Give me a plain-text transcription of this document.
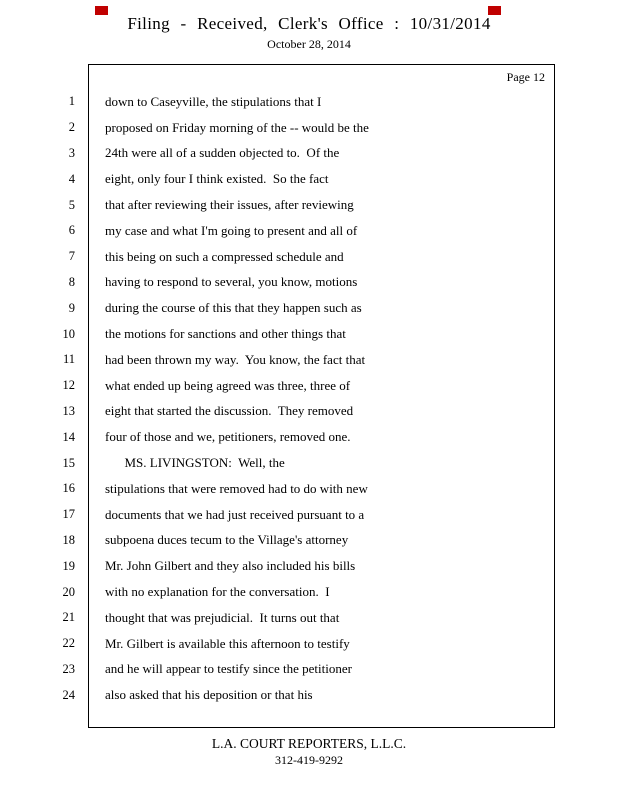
Filing - Received, Clerk's Office : 10/31/2014
October 28, 2014
Page 12
1 down to Caseyville, the stipulations that I
2 proposed on Friday morning of the -- would be the
3 24th were all of a sudden objected to.  Of the
4 eight, only four I think existed.  So the fact
5 that after reviewing their issues, after reviewing
6 my case and what I'm going to present and all of
7 this being on such a compressed schedule and
8 having to respond to several, you know, motions
9 during the course of this that they happen such as
10 the motions for sanctions and other things that
11 had been thrown my way.  You know, the fact that
12 what ended up being agreed was three, three of
13 eight that started the discussion.  They removed
14 four of those and we, petitioners, removed one.
15 MS. LIVINGSTON:  Well, the
16 stipulations that were removed had to do with new
17 documents that we had just received pursuant to a
18 subpoena duces tecum to the Village's attorney
19 Mr. John Gilbert and they also included his bills
20 with no explanation for the conversation.  I
21 thought that was prejudicial.  It turns out that
22 Mr. Gilbert is available this afternoon to testify
23 and he will appear to testify since the petitioner
24 also asked that his deposition or that his
L.A. COURT REPORTERS, L.L.C.
312-419-9292
